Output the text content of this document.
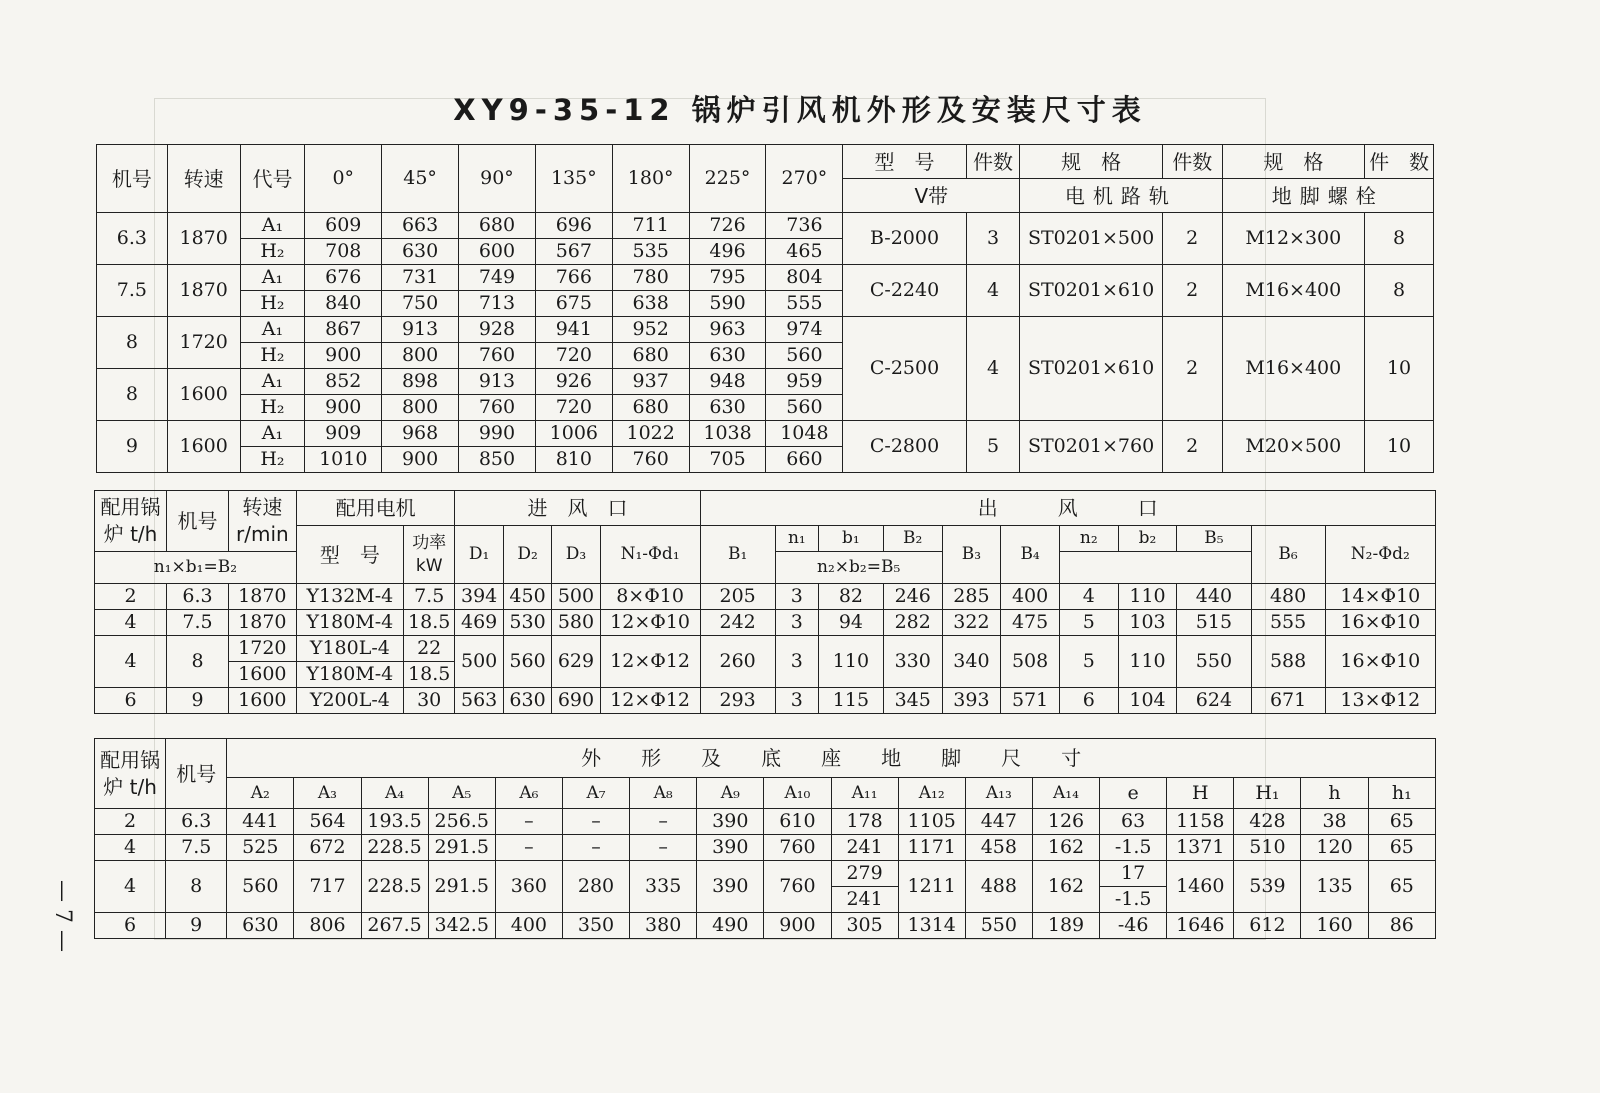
XY9-35-12 锅炉引风机外形及安装尺寸表
机号	转速	代号	0°	45°	90°	135°	180°	225°	270°	型　号	件数	规　格	件数	规　格	件　数
										V带		电机路轨		地脚螺栓	
6.3	1870	A₁	609	663	680	696	711	726	736	B-2000	3	ST0201×500	2	M12×300	8
		H₂	708	630	600	567	535	496	465						
7.5	1870	A₁	676	731	749	766	780	795	804	C-2240	4	ST0201×610	2	M16×400	8
		H₂	840	750	713	675	638	590	555						
8	1720	A₁	867	913	928	941	952	963	974	C-2500	4	ST0201×610	2	M16×400	10
		H₂	900	800	760	720	680	630	560						
8	1600	A₁	852	898	913	926	937	948	959						
		H₂	900	800	760	720	680	630	560						
9	1600	A₁	909	968	990	1006	1022	1038	1048	C-2800	5	ST0201×760	2	M20×500	10
		H₂	1010	900	850	810	760	705	660						
配用锅炉 t/h	机号	转速 r/min	配用电机		进　风　口				出　　　风　　　口										
			型　号	功率 kW	D₁	D₂	D₃	N₁-Φd₁	B₁	n₁	b₁	B₂	B₃	B₄	n₂	b₂	B₅	B₆	N₂-Φd₂
n₁×b₁=B₂										n₂×b₂=B₅									
2	6.3	1870	Y132M-4	7.5	394	450	500	8×Φ10	205	3	82	246	285	400	4	110	440	480	14×Φ10
4	7.5	1870	Y180M-4	18.5	469	530	580	12×Φ10	242	3	94	282	322	475	5	103	515	555	16×Φ10
4	8	1720	Y180L-4	22	500	560	629	12×Φ12	260	3	110	330	340	508	5	110	550	588	16×Φ10
		1600	Y180M-4	18.5															
6	9	1600	Y200L-4	30	563	630	690	12×Φ12	293	3	115	345	393	571	6	104	624	671	13×Φ12
配用锅炉 t/h	机号	外　　形　　及　　底　　座　　地　　脚　　尺　　寸																	
		A₂	A₃	A₄	A₅	A₆	A₇	A₈	A₉	A₁₀	A₁₁	A₁₂	A₁₃	A₁₄	e	H	H₁	h	h₁
2	6.3	441	564	193.5	256.5	–	–	–	390	610	178	1105	447	126	63	1158	428	38	65
4	7.5	525	672	228.5	291.5	–	–	–	390	760	241	1171	458	162	-1.5	1371	510	120	65
4	8	560	717	228.5	291.5	360	280	335	390	760	279	1211	488	162	17	1460	539	135	65
											241				-1.5				
6	9	630	806	267.5	342.5	400	350	380	490	900	305	1314	550	189	-46	1646	612	160	86
— 7 —
